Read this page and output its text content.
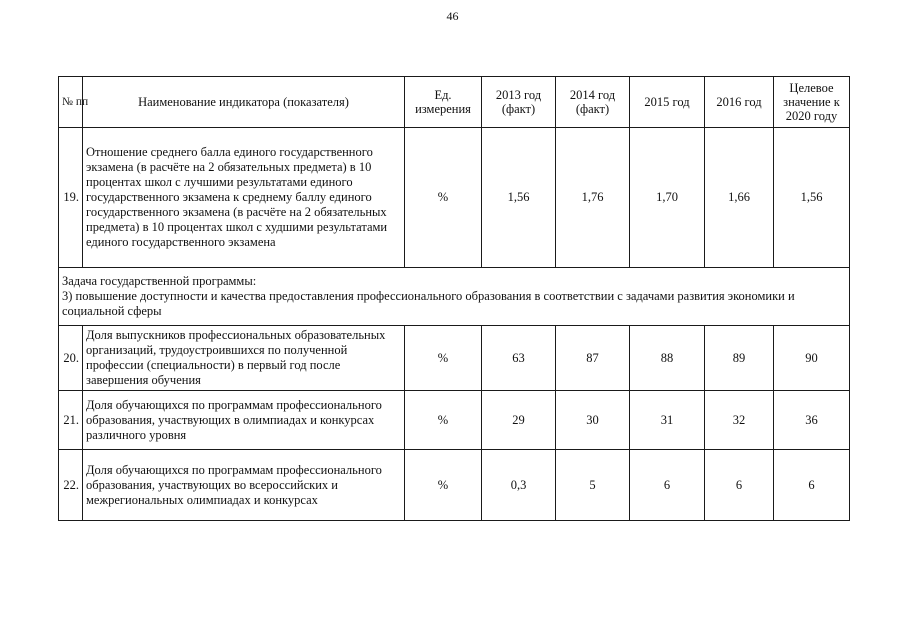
46
№ пп	Наименование индикатора (показателя)	Ед. измерения	2013 год (факт)	2014 год (факт)	2015 год	2016 год	Целевое значение к 2020 году
19.	Отношение среднего балла единого государственного экзамена (в расчёте на 2 обязательных предмета) в 10 процентах школ с лучшими результатами единого государственного экзамена к среднему баллу единого государственного экзамена (в расчёте на 2 обязательных предмета) в 10 процентах школ с худшими результатами единого государственного экзамена	%	1,56	1,76	1,70	1,66	1,56

Задача государственной программы:
3) повышение доступности и качества предоставления профессионального образования в соответствии с задачами развития экономики и социальной сферы							

20.	Доля выпускников профессиональных образовательных организаций, трудоустроившихся по полученной профессии (специальности) в первый год после завершения обучения	%	63	87	88	89	90
21.	Доля обучающихся по программам профессионального образования, участвующих в олимпиадах и конкурсах различного уровня	%	29	30	31	32	36
22.	Доля обучающихся по программам профессионального образования, участвующих во всероссийских и межрегиональных олимпиадах и конкурсах	%	0,3	5	6	6	6
